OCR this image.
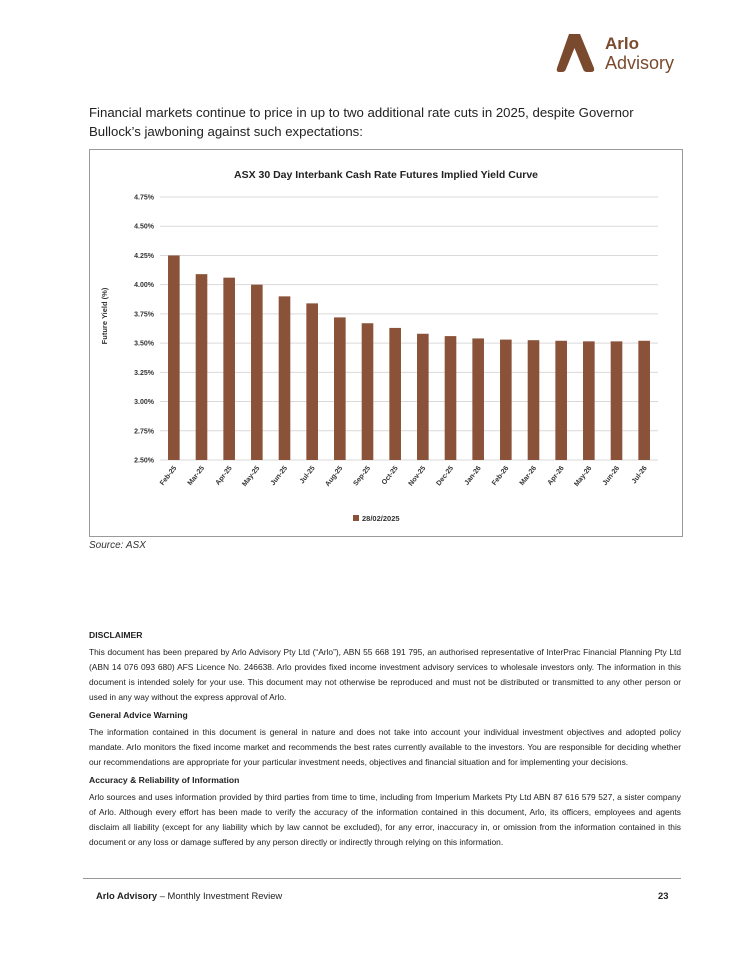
Arlo
Advisory
Financial markets continue to price in up to two additional rate cuts in 2025, despite Governor Bullock’s jawboning against such expectations:
ASX 30 Day Interbank Cash Rate Futures Implied Yield Curve
Future Yield (%)
Feb-25 Mar-25 Apr-25 May-25 Jun-25 Jul-25 Aug-25 Sep-25 Oct-25 Nov-25 Dec-25 Jan-26 Feb-26 Mar-26 Apr-26 May-26 Jun-26 Jul-26
2.50%
2.75%
3.00%
3.25%
3.50%
3.75%
4.00%
4.25%
4.50%
4.75%
28/02/2025
Source: ASX
DISCLAIMER

This document has been prepared by Arlo Advisory Pty Ltd (“Arlo”), ABN 55 668 191 795, an authorised representative of InterPrac Financial Planning Pty Ltd (ABN 14 076 093 680) AFS Licence No. 246638. Arlo provides fixed income investment advisory services to wholesale investors only. The information in this document is intended solely for your use. This document may not otherwise be reproduced and must not be distributed or transmitted to any other person or used in any way without the express approval of Arlo.

General Advice Warning

The information contained in this document is general in nature and does not take into account your individual investment objectives and adopted policy mandate. Arlo monitors the fixed income market and recommends the best rates currently available to the investors. You are responsible for deciding whether our recommendations are appropriate for your particular investment needs, objectives and financial situation and for implementing your decisions.

Accuracy & Reliability of Information

Arlo sources and uses information provided by third parties from time to time, including from Imperium Markets Pty Ltd ABN 87 616 579 527, a sister company of Arlo. Although every effort has been made to verify the accuracy of the information contained in this document, Arlo, its officers, employees and agents disclaim all liability (except for any liability which by law cannot be excluded), for any error, inaccuracy in, or omission from the information contained in this document or any loss or damage suffered by any person directly or indirectly through relying on this information.

Arlo Advisory – Monthly Investment Review	23
